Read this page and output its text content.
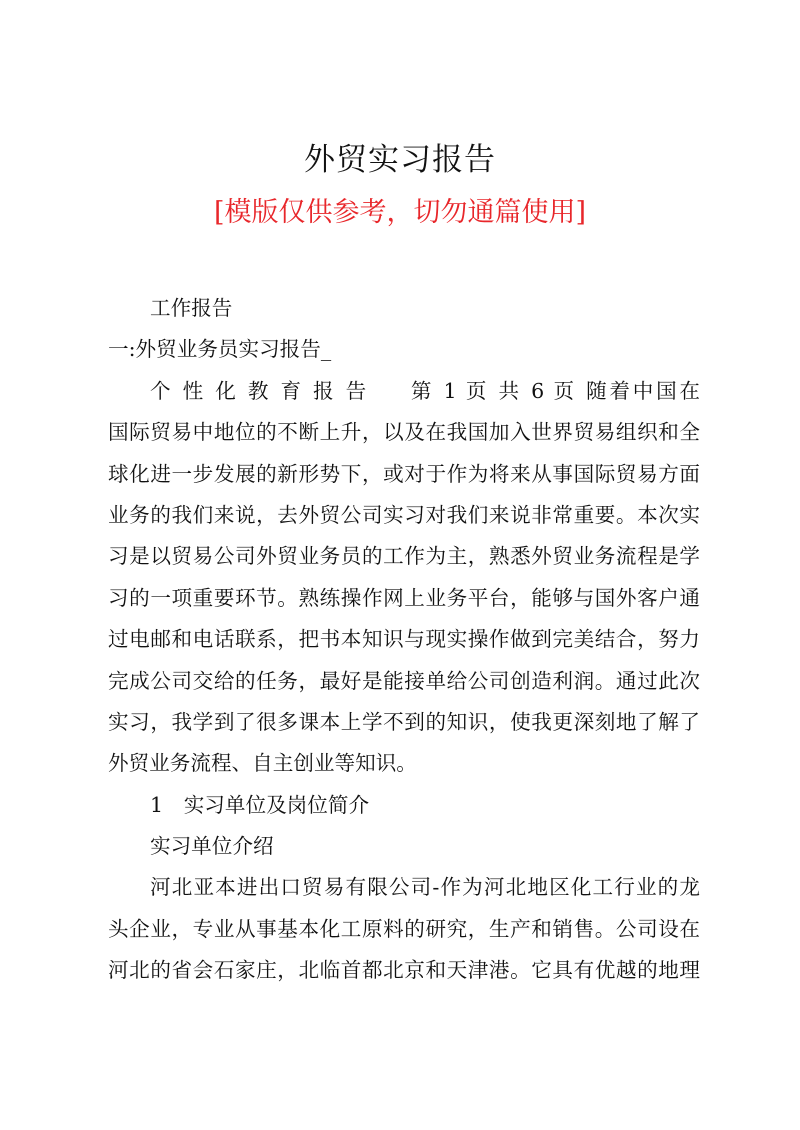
外贸实习报告
[模版仅供参考，切勿通篇使用]
工作报告
一:外贸业务员实习报告_
个 性 化 教 育 报 告 　 第 1 页 共 6 页 随着中国在
国际贸易中地位的不断上升，以及在我国加入世界贸易组织和全
球化进一步发展的新形势下，或对于作为将来从事国际贸易方面
业务的我们来说，去外贸公司实习对我们来说非常重要。本次实
习是以贸易公司外贸业务员的工作为主，熟悉外贸业务流程是学
习的一项重要环节。熟练操作网上业务平台，能够与国外客户通
过电邮和电话联系，把书本知识与现实操作做到完美结合，努力
完成公司交给的任务，最好是能接单给公司创造利润。通过此次
实习，我学到了很多课本上学不到的知识，使我更深刻地了解了
外贸业务流程、自主创业等知识。
1　实习单位及岗位简介
实习单位介绍
河北亚本进出口贸易有限公司-作为河北地区化工行业的龙
头企业，专业从事基本化工原料的研究，生产和销售。公司设在
河北的省会石家庄，北临首都北京和天津港。它具有优越的地理
